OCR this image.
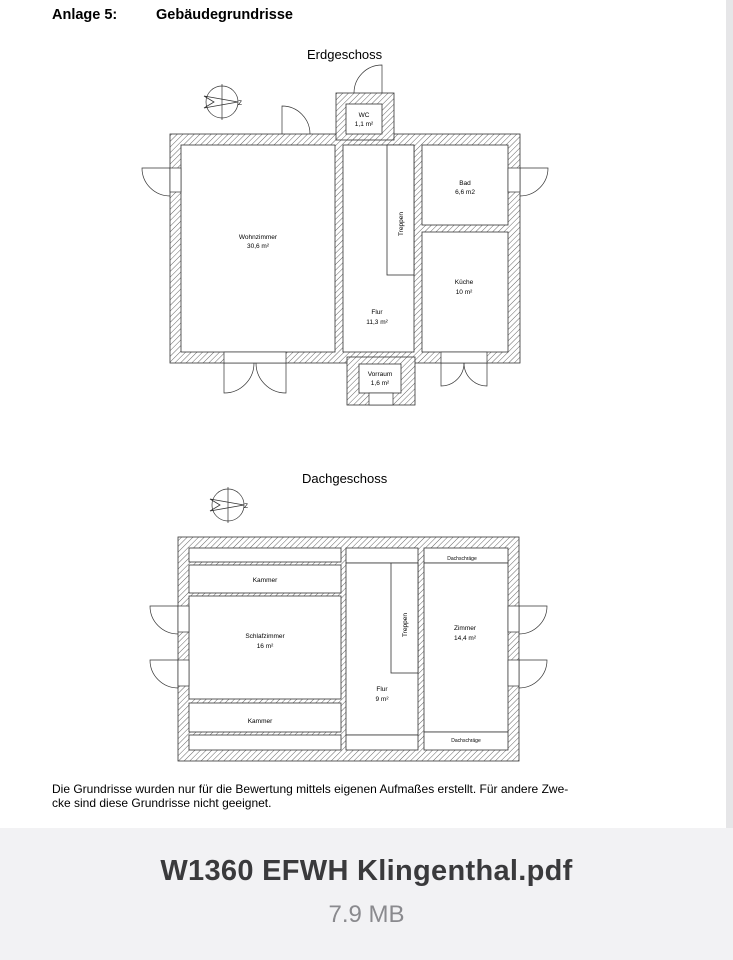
Anlage 5:	Gebäudegrundrisse
Erdgeschoss
Dachgeschoss
Z
WC
1,1 m²
Wohnzimmer
30,6 m²
Bad
6,6 m2
Treppen
Küche
10 m²
Flur
11,3 m²
Vorraum
1,6 m²
Z
Kammer
Schlafzimmer
16 m²
Kammer
Treppen
Flur
9 m²
Zimmer
14,4 m²
Dachschräge
Dachschräge
Die Grundrisse wurden nur für die Bewertung mittels eigenen Aufmaßes erstellt. Für andere Zwe-
cke sind diese Grundrisse nicht geeignet.
W1360 EFWH Klingenthal.pdf
7.9 MB
